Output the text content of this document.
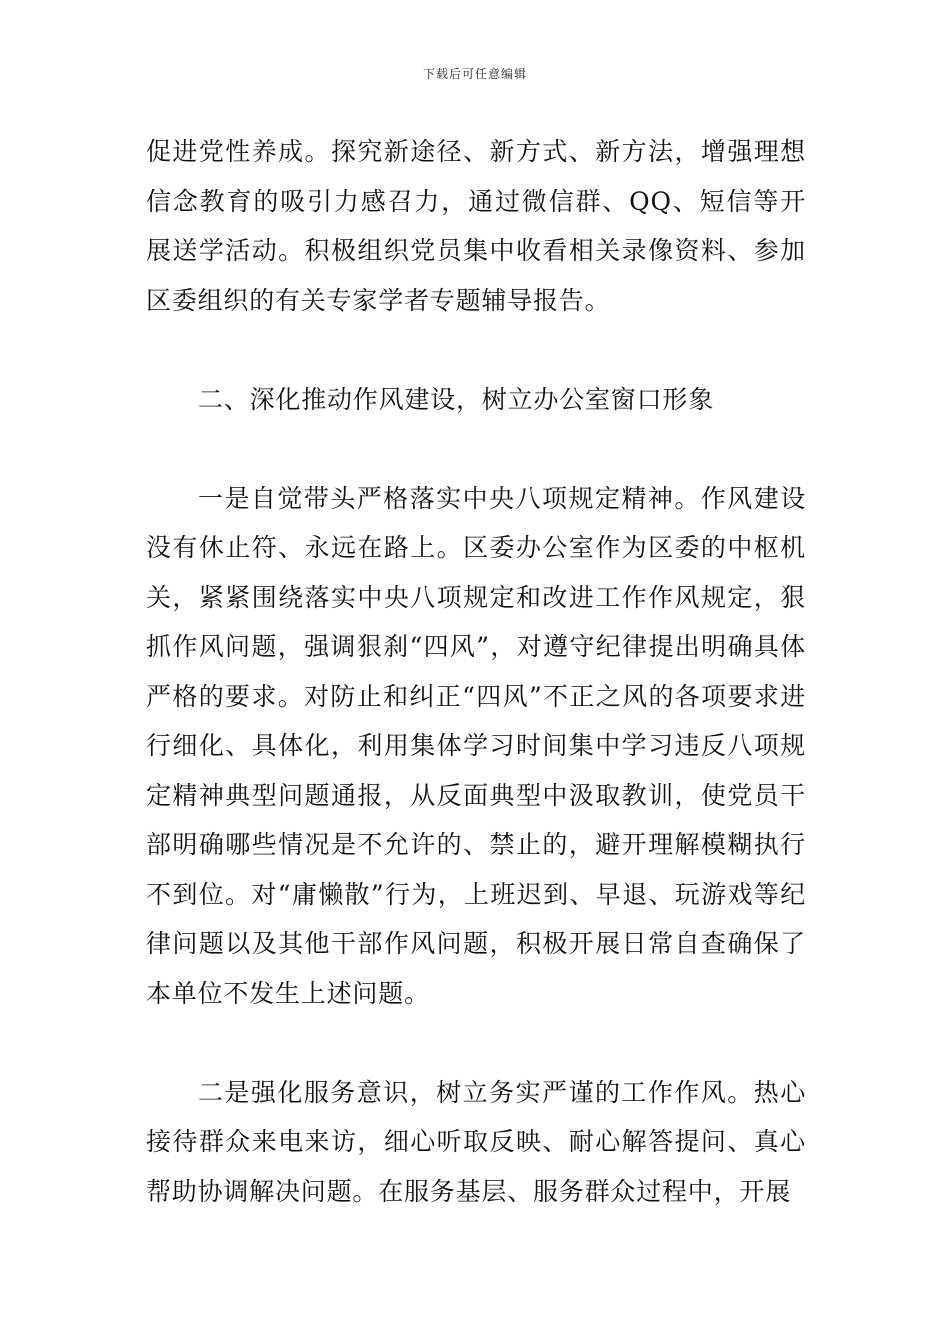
下载后可任意编辑

促进党性养成。探究新途径、新方式、新方法，增强理想信念教育的吸引力感召力，通过微信群、QQ、短信等开展送学活动。积极组织党员集中收看相关录像资料、参加区委组织的有关专家学者专题辅导报告。

二、深化推动作风建设，树立办公室窗口形象

一是自觉带头严格落实中央八项规定精神。作风建设没有休止符、永远在路上。区委办公室作为区委的中枢机关，紧紧围绕落实中央八项规定和改进工作作风规定，狠抓作风问题，强调狠刹“四风”，对遵守纪律提出明确具体严格的要求。对防止和纠正“四风”不正之风的各项要求进行细化、具体化，利用集体学习时间集中学习违反八项规定精神典型问题通报，从反面典型中汲取教训，使党员干部明确哪些情况是不允许的、禁止的，避开理解模糊执行不到位。对“庸懒散”行为，上班迟到、早退、玩游戏等纪律问题以及其他干部作风问题，积极开展日常自查确保了本单位不发生上述问题。

二是强化服务意识，树立务实严谨的工作作风。热心接待群众来电来访，细心听取反映、耐心解答提问、真心帮助协调解决问题。在服务基层、服务群众过程中，开展
